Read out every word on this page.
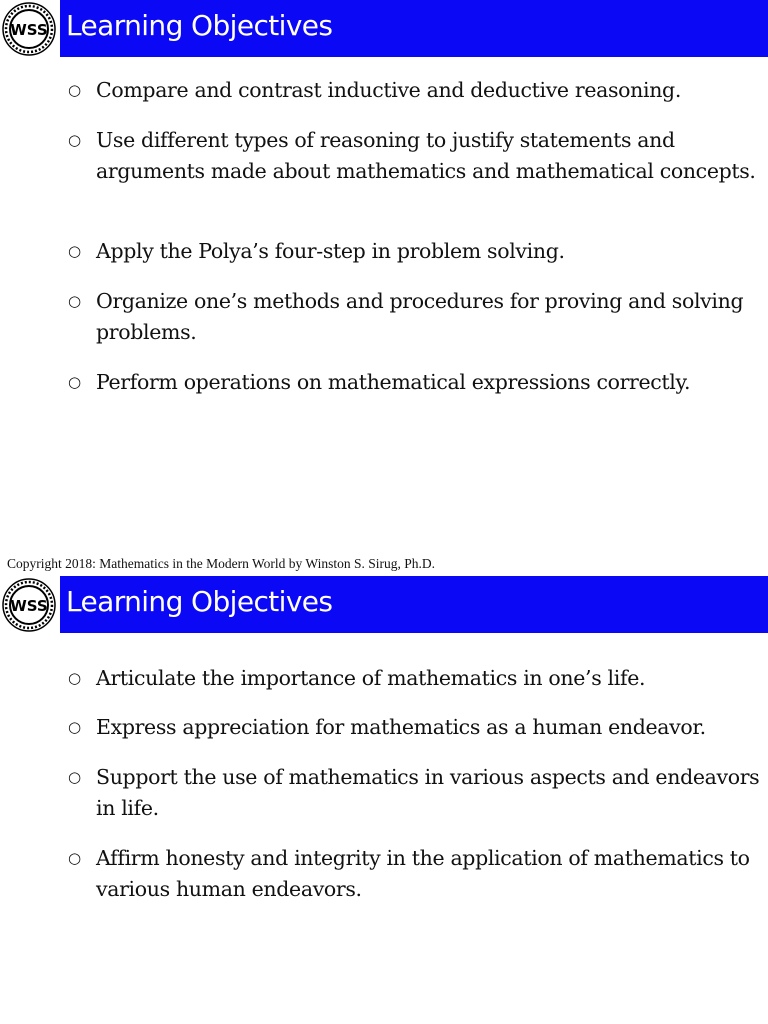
WSS Learning Objectives
○ Compare and contrast inductive and deductive reasoning.
○ Use different types of reasoning to justify statements and arguments made about mathematics and mathematical concepts.
○ Apply the Polya’s four-step in problem solving.
○ Organize one’s methods and procedures for proving and solving problems.
○ Perform operations on mathematical expressions correctly.
Copyright 2018: Mathematics in the Modern World by Winston S. Sirug, Ph.D.
WSS Learning Objectives
○ Articulate the importance of mathematics in one’s life.
○ Express appreciation for mathematics as a human endeavor.
○ Support the use of mathematics in various aspects and endeavors in life.
○ Affirm honesty and integrity in the application of mathematics to various human endeavors.
